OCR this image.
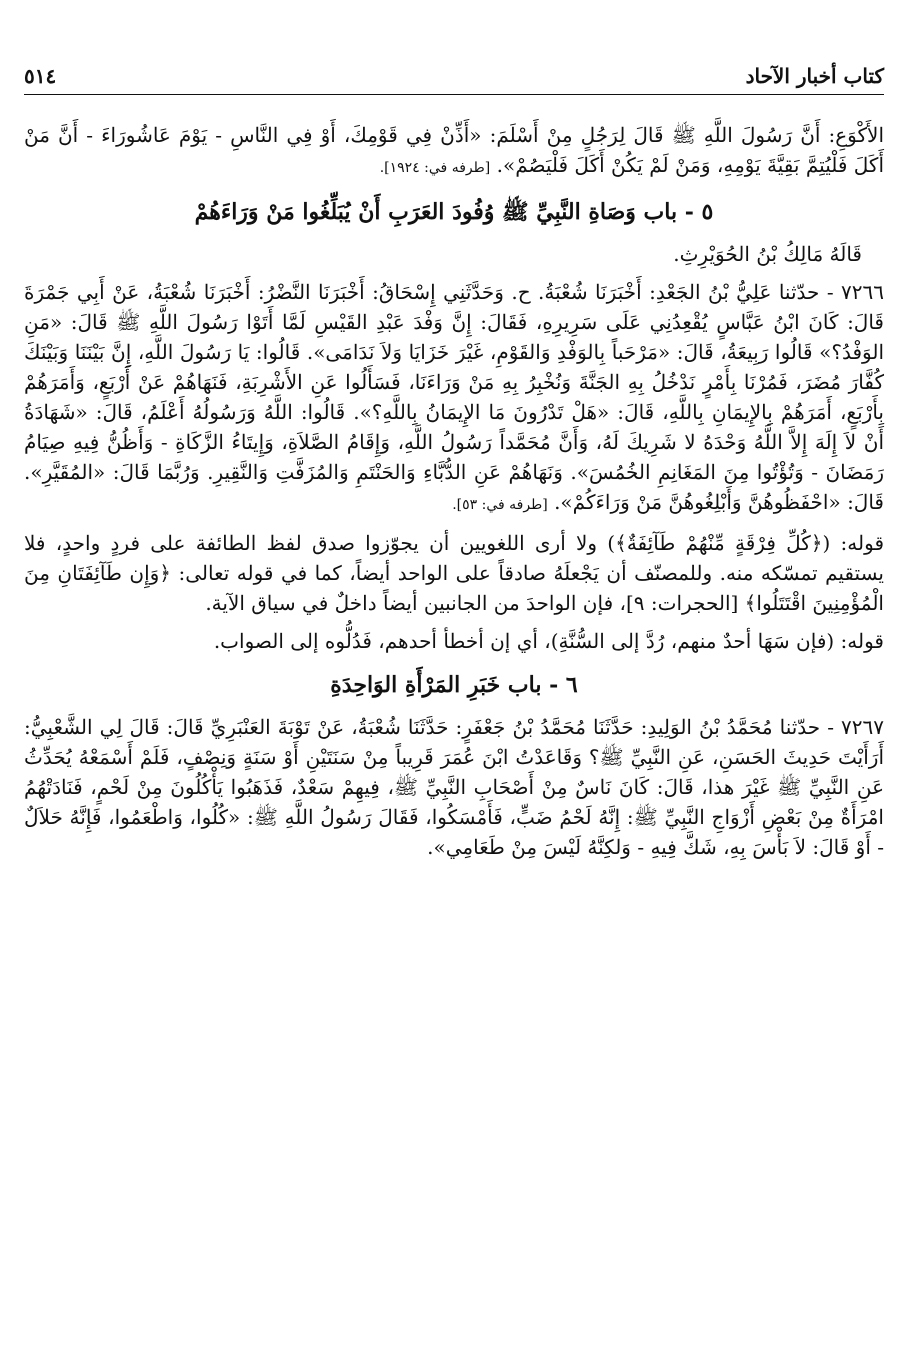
كتاب أخبار الآحاد
٥١٤

الأَكْوَعِ: أَنَّ رَسُولَ اللَّهِ ﷺ قَالَ لِرَجُلٍ مِنْ أَسْلَمَ: «أَذِّنْ فِي قَوْمِكَ، أَوْ فِي النَّاسِ - يَوْمَ عَاشُورَاءَ - أَنَّ مَنْ أَكَلَ فَلْيُتِمَّ بَقِيَّةَ يَوْمِهِ، وَمَنْ لَمْ يَكُنْ أَكَلَ فَلْيَصُمْ». [طرفه في: ١٩٢٤].

٥ - باب وَصَاةِ النَّبِيِّ ﷺ وُفُودَ العَرَبِ أَنْ يُبَلِّغُوا مَنْ وَرَاءَهُمْ

قَالَهُ مَالِكُ بْنُ الحُوَيْرِثِ.

٧٢٦٦ - حدّثنا عَلِيُّ بْنُ الجَعْدِ: أَخْبَرَنَا شُعْبَةُ. ح. وَحَدَّثَنِي إِسْحَاقُ: أَخْبَرَنَا النَّضْرُ: أَخْبَرَنَا شُعْبَةُ، عَنْ أَبِي جَمْرَةَ قَالَ: كَانَ ابْنُ عَبَّاسٍ يُقْعِدُنِي عَلَى سَرِيرِهِ، فَقَالَ: إِنَّ وَفْدَ عَبْدِ القَيْسِ لَمَّا أَتَوْا رَسُولَ اللَّهِ ﷺ قَالَ: «مَنِ الوَفْدُ؟» قَالُوا رَبِيعَةُ، قَالَ: «مَرْحَباً بِالوَفْدِ وَالقَوْمِ، غَيْرَ خَزَايَا وَلاَ نَدَامَى». قَالُوا: يَا رَسُولَ اللَّهِ، إِنَّ بَيْنَنَا وَبَيْنَكَ كُفَّارَ مُضَرَ، فَمُرْنَا بِأَمْرٍ نَدْخُلُ بِهِ الجَنَّةَ وَنُخْبِرُ بِهِ مَنْ وَرَاءَنَا، فَسَأَلُوا عَنِ الأَشْرِبَةِ، فَنَهَاهُمْ عَنْ أَرْبَعٍ، وَأَمَرَهُمْ بِأَرْبَعٍ، أَمَرَهُمْ بِالإِيمَانِ بِاللَّهِ، قَالَ: «هَلْ تَدْرُونَ مَا الإِيمَانُ بِاللَّهِ؟». قَالُوا: اللَّهُ وَرَسُولُهُ أَعْلَمُ، قَالَ: «شَهَادَةُ أَنْ لاَ إِلَهَ إِلاَّ اللَّهُ وَحْدَهُ لا شَرِيكَ لَهُ، وَأَنَّ مُحَمَّداً رَسُولُ اللَّهِ، وَإِقَامُ الصَّلاَةِ، وَإِيتَاءُ الزَّكَاةِ - وَأَظُنُّ فِيهِ صِيَامُ رَمَضَانَ - وَتُؤْتُوا مِنَ المَغَانِمِ الخُمُسَ». وَنَهَاهُمْ عَنِ الدُّبَّاءِ وَالحَنْتَمِ وَالمُزَفَّتِ وَالنَّقِيرِ. وَرُبَّمَا قَالَ: «المُقَيَّرِ». قَالَ: «احْفَظُوهُنَّ وَأَبْلِغُوهُنَّ مَنْ وَرَاءَكُمْ». [طرفه في: ٥٣].

قوله: (﴿كُلِّ فِرْقَةٍ مِّنْهُمْ طَآئِفَةٌ﴾) ولا أرى اللغويين أن يجوّزوا صدق لفظ الطائفة على فردٍ واحدٍ، فلا يستقيم تمسّكه منه. وللمصنّف أن يَجْعلَهُ صادقاً على الواحد أيضاً، كما في قوله تعالى: ﴿وَإِن طَآئِفَتَانِ مِنَ الْمُؤْمِنِينَ اقْتَتَلُوا﴾ [الحجرات: ٩]، فإن الواحدَ من الجانبين أيضاً داخلٌ في سياق الآية.

قوله: (فإن سَهَا أحدٌ منهم، رُدَّ إلى السُّنَّةِ)، أي إن أخطأ أحدهم، فَدُلُّوه إلى الصواب.

٦ - باب خَبَرِ المَرْأَةِ الوَاحِدَةِ

٧٢٦٧ - حدّثنا مُحَمَّدُ بْنُ الوَلِيدِ: حَدَّثَنَا مُحَمَّدُ بْنُ جَعْفَرٍ: حَدَّثَنَا شُعْبَةُ، عَنْ تَوْبَةَ العَنْبَرِيِّ قَالَ: قَالَ لِي الشَّعْبِيُّ: أَرَأَيْتَ حَدِيثَ الحَسَنِ، عَنِ النَّبِيِّ ﷺ؟ وَقَاعَدْتُ ابْنَ عُمَرَ قَرِيباً مِنْ سَنَتَيْنِ أَوْ سَنَةٍ وَنِصْفٍ، فَلَمْ أَسْمَعْهُ يُحَدِّثُ عَنِ النَّبِيِّ ﷺ غَيْرَ هذا، قَالَ: كَانَ نَاسٌ مِنْ أَصْحَابِ النَّبِيِّ ﷺ، فِيهِمْ سَعْدٌ، فَذَهَبُوا يَأْكُلُونَ مِنْ لَحْمٍ، فَنَادَتْهُمُ امْرَأَةٌ مِنْ بَعْضِ أَزْوَاجِ النَّبِيِّ ﷺ: إِنَّهُ لَحْمُ ضَبٍّ، فَأَمْسَكُوا، فَقَالَ رَسُولُ اللَّهِ ﷺ: «كُلُوا، وَاطْعَمُوا، فَإِنَّهُ حَلاَلٌ - أَوْ قَالَ: لاَ بَأْسَ بِهِ، شَكَّ فِيهِ - وَلكِنَّهُ لَيْسَ مِنْ طَعَامِي».
